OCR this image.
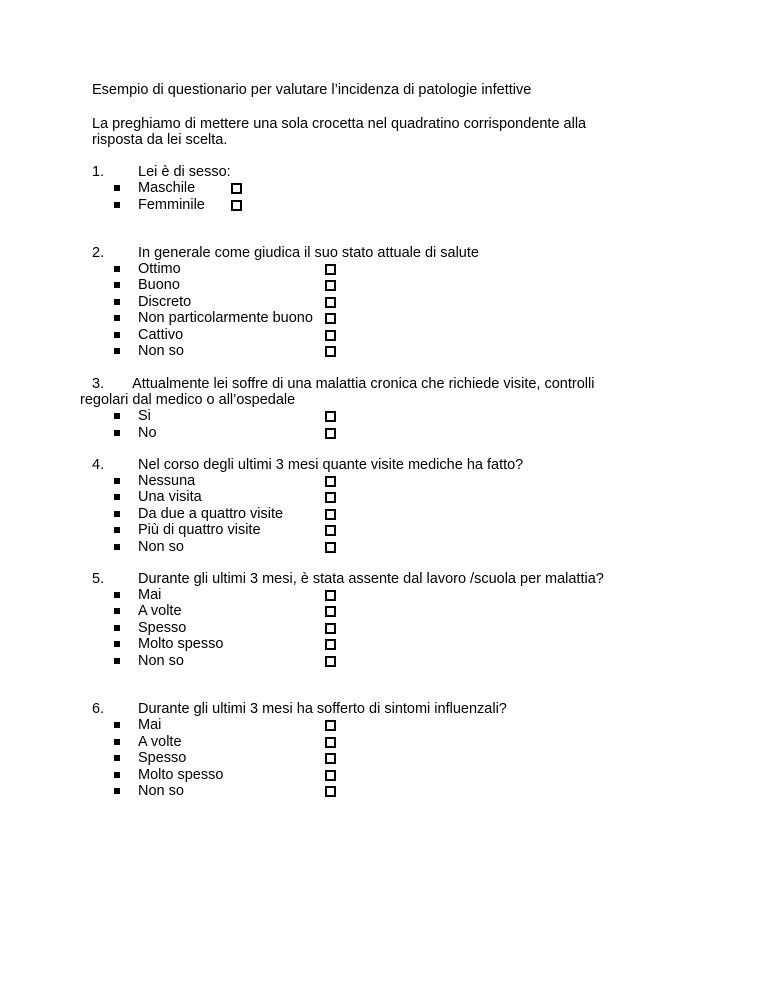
Esempio di questionario per valutare l’incidenza di patologie infettive
La preghiamo di mettere una sola crocetta nel quadratino corrispondente alla
risposta da lei scelta.
1. Lei è di sesso:
Maschile
Femminile
2. In generale come giudica il suo stato attuale di salute
Ottimo
Buono
Discreto
Non particolarmente buono
Cattivo
Non so
3. Attualmente lei soffre di una malattia cronica che richiede visite, controlli
regolari dal medico o all’ospedale
Si
No
4. Nel corso degli ultimi 3 mesi quante visite mediche ha fatto?
Nessuna
Una visita
Da due a quattro visite
Più di quattro visite
Non so
5. Durante gli ultimi 3 mesi, è stata assente dal lavoro /scuola per malattia?
Mai
A volte
Spesso
Molto spesso
Non so
6. Durante gli ultimi 3 mesi ha sofferto di sintomi influenzali?
Mai
A volte
Spesso
Molto spesso
Non so
